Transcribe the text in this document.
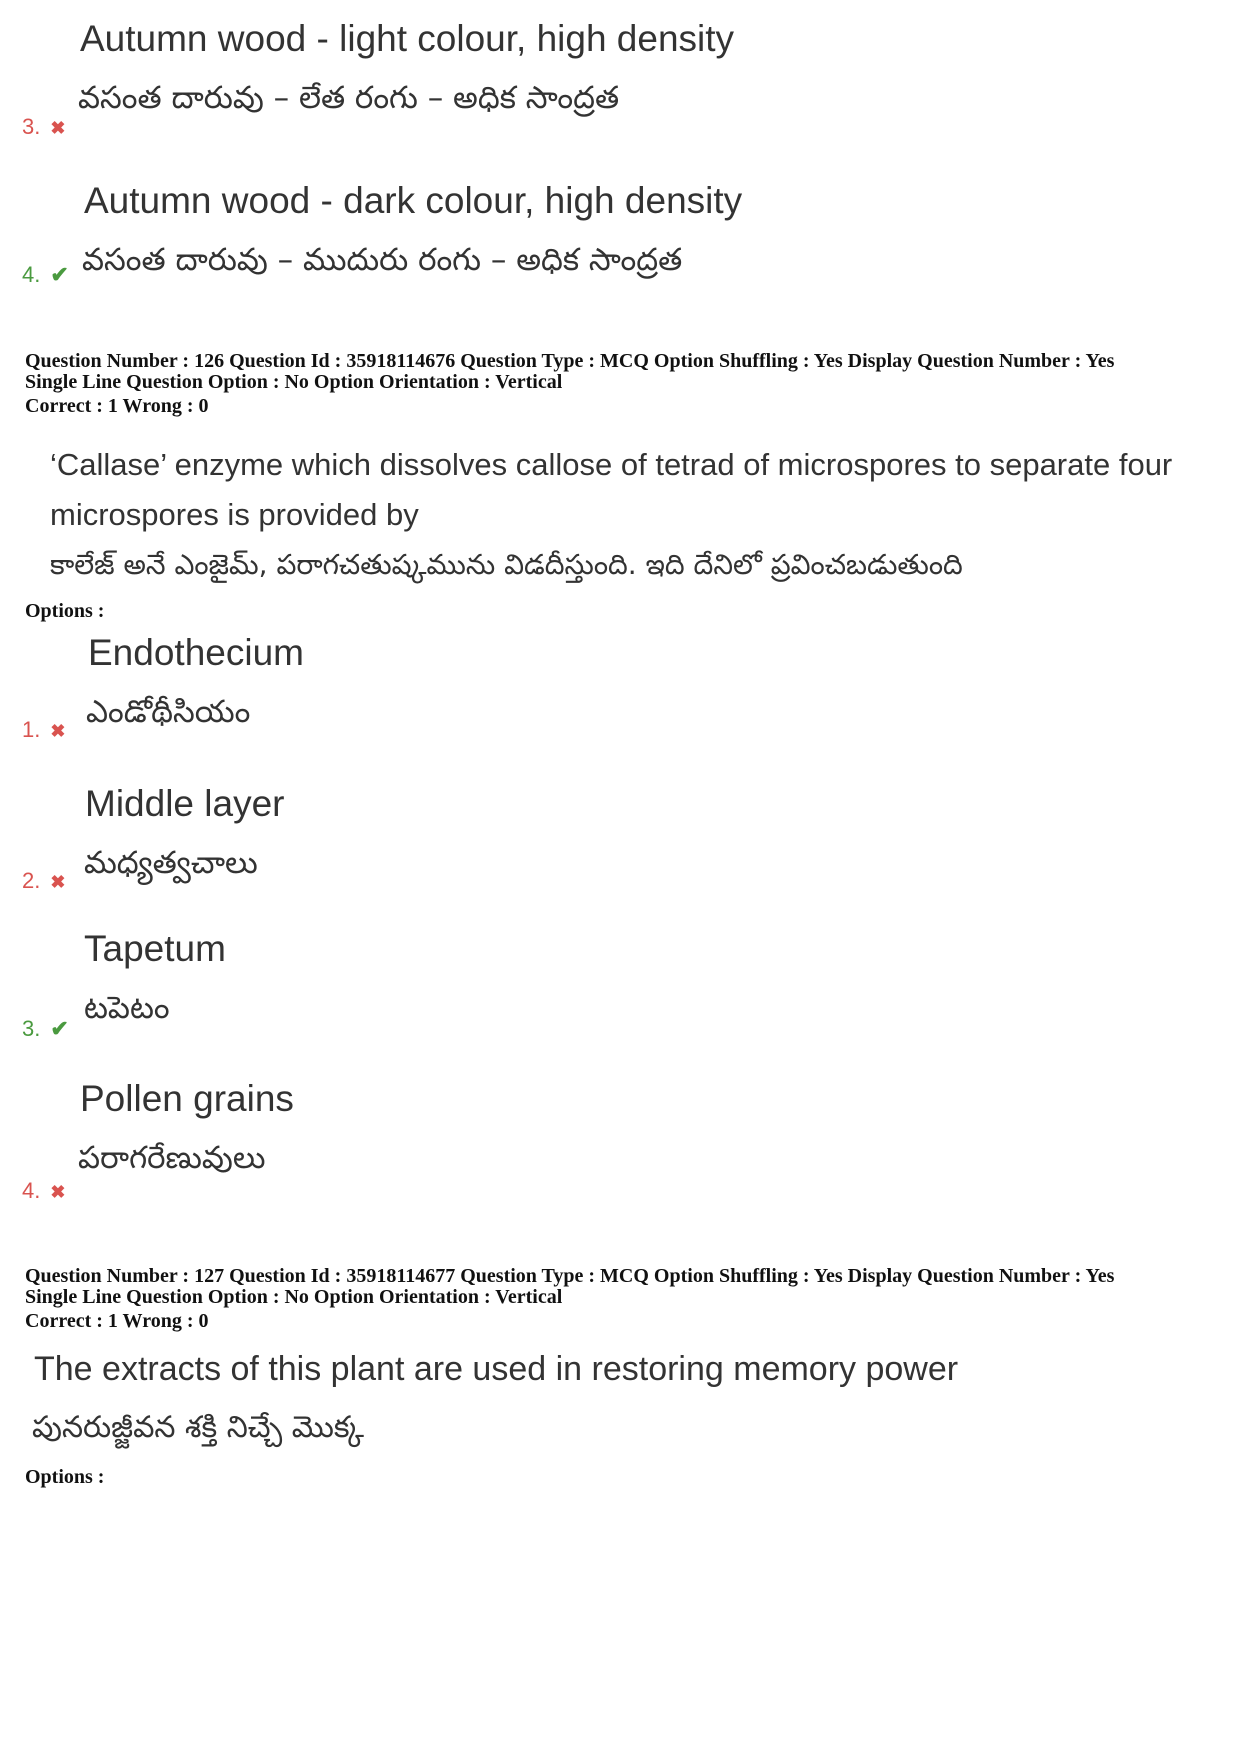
Autumn wood - light colour, high density
వసంత దారువు – లేత రంగు – అధిక సాంద్రత
3. ✖
Autumn wood - dark colour, high density
వసంత దారువు – ముదురు రంగు – అధిక సాంద్రత
4. ✔
Question Number : 126 Question Id : 35918114676 Question Type : MCQ Option Shuffling : Yes Display Question Number : Yes
Single Line Question Option : No Option Orientation : Vertical
Correct : 1 Wrong : 0
‘Callase’ enzyme which dissolves callose of tetrad of microspores to separate four
microspores is provided by
కాలేజ్ అనే ఎంజైమ్, పరాగచతుష్కమును విడదీస్తుంది. ఇది దేనిలో ప్రవించబడుతుంది
Options :
Endothecium
ఎండోథీసియం
1. ✖
Middle layer
మధ్యత్వచాలు
2. ✖
Tapetum
టపెటం
3. ✔
Pollen grains
పరాగరేణువులు
4. ✖
Question Number : 127 Question Id : 35918114677 Question Type : MCQ Option Shuffling : Yes Display Question Number : Yes
Single Line Question Option : No Option Orientation : Vertical
Correct : 1 Wrong : 0
The extracts of this plant are used in restoring memory power
పునరుజ్జీవన శక్తి నిచ్చే మొక్క
Options :
